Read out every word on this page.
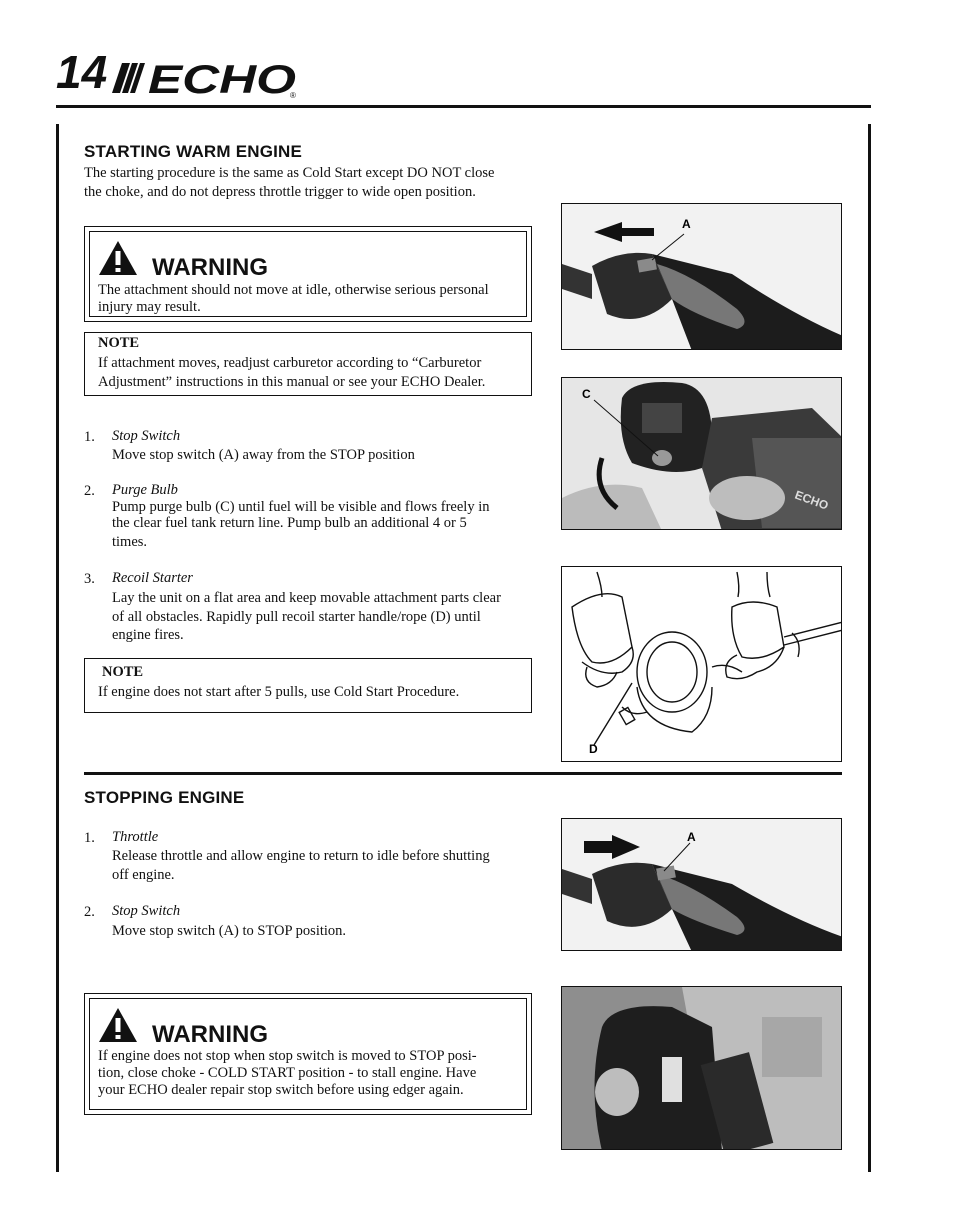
14 ECHO
®
STARTING WARM ENGINE
The starting procedure is the same as Cold Start except DO NOT close
the choke, and do not depress throttle trigger to wide open position.
WARNING
The attachment should not move at idle, otherwise serious personal
injury may result.
NOTE
If attachment moves, readjust carburetor according to “Carburetor
Adjustment” instructions in this manual or see your ECHO Dealer.
1. Stop Switch
Move stop switch (A) away from the STOP position
2. Purge Bulb
Pump purge bulb (C) until fuel will be visible and flows freely in
the clear fuel tank return line. Pump bulb an additional 4 or 5
times.
3. Recoil Starter
Lay the unit on a flat area and keep movable attachment parts clear
of all obstacles. Rapidly pull recoil starter handle/rope (D) until
engine fires.
NOTE
If engine does not start after 5 pulls, use Cold Start Procedure.
STOPPING ENGINE
1. Throttle
Release throttle and allow engine to return to idle before shutting
off engine.
2. Stop Switch
Move stop switch (A) to STOP position.
WARNING
If engine does not stop when stop switch is moved to STOP posi-
tion, close choke - COLD START position - to stall engine. Have
your ECHO dealer repair stop switch before using edger again.
A
ECHO
C
D
A
